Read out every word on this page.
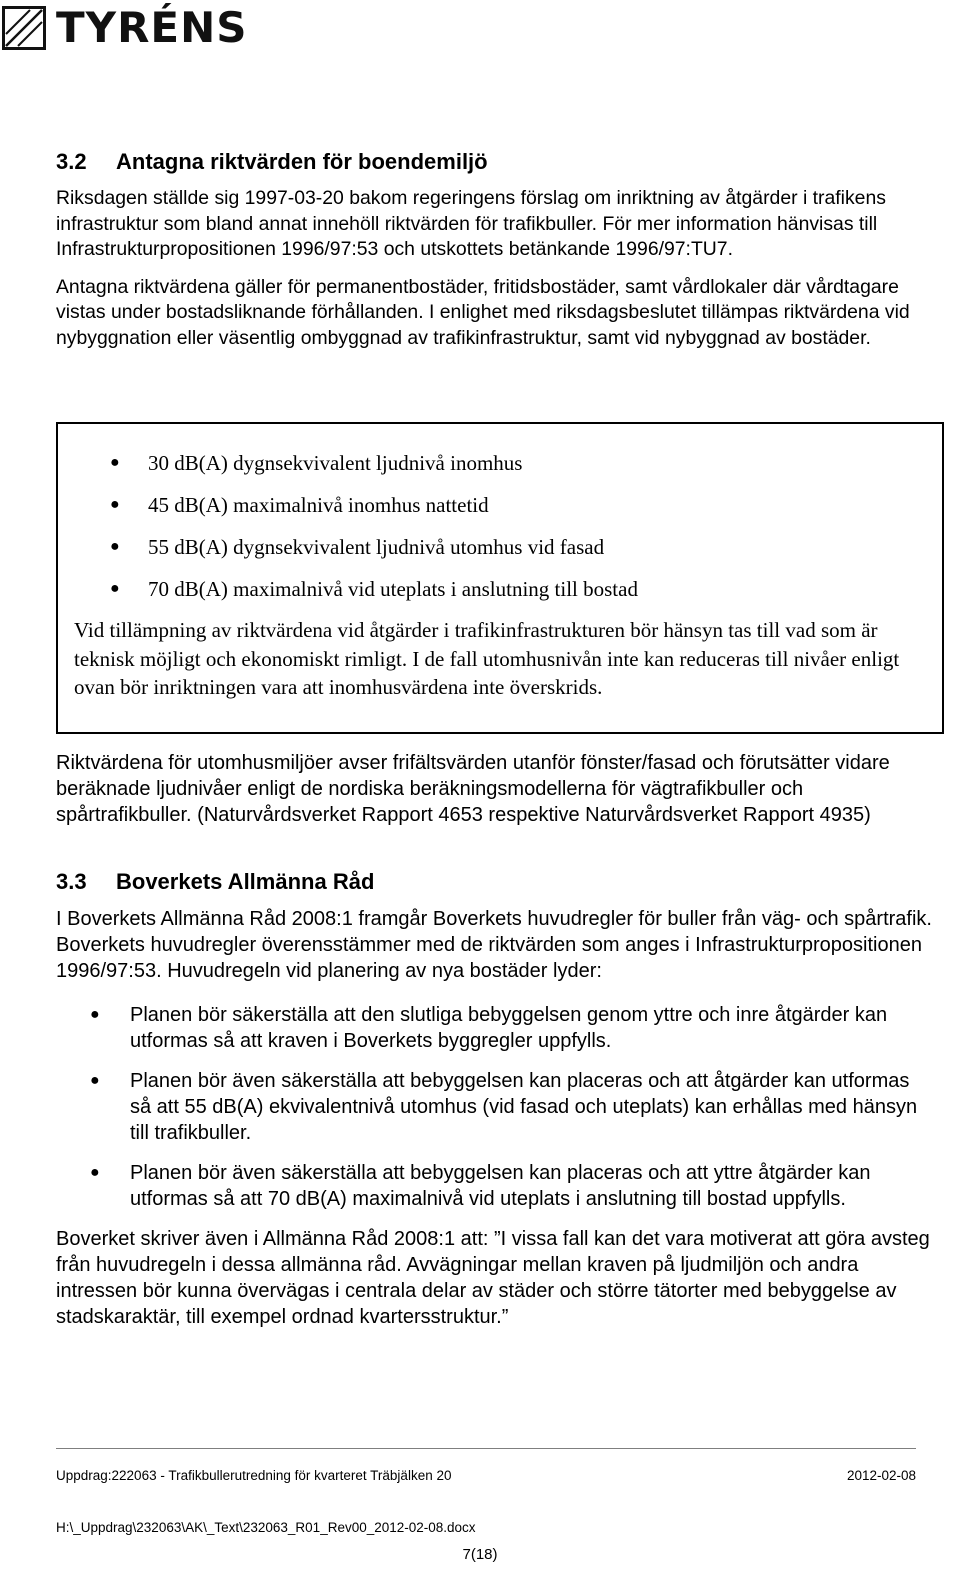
TYRÉNS
3.2 Antagna riktvärden för boendemiljö

Riksdagen ställde sig 1997-03-20 bakom regeringens förslag om inriktning av åtgärder i trafikens infrastruktur som bland annat innehöll riktvärden för trafikbuller. För mer information hänvisas till Infrastrukturpropositionen 1996/97:53 och utskottets betänkande 1996/97:TU7.

Antagna riktvärdena gäller för permanentbostäder, fritidsbostäder, samt vårdlokaler där vårdtagare vistas under bostadsliknande förhållanden. I enlighet med riksdagsbeslutet tillämpas riktvärdena vid nybyggnation eller väsentlig ombyggnad av trafikinfrastruktur, samt vid nybyggnad av bostäder.

● 30 dB(A) dygnsekvivalent ljudnivå inomhus
● 45 dB(A) maximalnivå inomhus nattetid
● 55 dB(A) dygnsekvivalent ljudnivå utomhus vid fasad
● 70 dB(A) maximalnivå vid uteplats i anslutning till bostad

Vid tillämpning av riktvärdena vid åtgärder i trafikinfrastrukturen bör hänsyn tas till vad som är teknisk möjligt och ekonomiskt rimligt. I de fall utomhusnivån inte kan reduceras till nivåer enligt ovan bör inriktningen vara att inomhusvärdena inte överskrids.

Riktvärdena för utomhusmiljöer avser frifältsvärden utanför fönster/fasad och förutsätter vidare beräknade ljudnivåer enligt de nordiska beräkningsmodellerna för vägtrafikbuller och spårtrafikbuller. (Naturvårdsverket Rapport 4653 respektive Naturvårdsverket Rapport 4935)

3.3 Boverkets Allmänna Råd

I Boverkets Allmänna Råd 2008:1 framgår Boverkets huvudregler för buller från väg- och spårtrafik. Boverkets huvudregler överensstämmer med de riktvärden som anges i Infrastrukturpropositionen 1996/97:53. Huvudregeln vid planering av nya bostäder lyder:

● Planen bör säkerställa att den slutliga bebyggelsen genom yttre och inre åtgärder kan utformas så att kraven i Boverkets byggregler uppfylls.
● Planen bör även säkerställa att bebyggelsen kan placeras och att åtgärder kan utformas så att 55 dB(A) ekvivalentnivå utomhus (vid fasad och uteplats) kan erhållas med hänsyn till trafikbuller.
● Planen bör även säkerställa att bebyggelsen kan placeras och att yttre åtgärder kan utformas så att 70 dB(A) maximalnivå vid uteplats i anslutning till bostad uppfylls.

Boverket skriver även i Allmänna Råd 2008:1 att: ”I vissa fall kan det vara motiverat att göra avsteg från huvudregeln i dessa allmänna råd. Avvägningar mellan kraven på ljudmiljön och andra intressen bör kunna övervägas i centrala delar av städer och större tätorter med bebyggelse av stadskaraktär, till exempel ordnad kvartersstruktur.”

Uppdrag:222063 - Trafikbullerutredning för kvarteret Träbjälken 20	2012-02-08
H:\_Uppdrag\232063\AK\_Text\232063_R01_Rev00_2012-02-08.docx
7(18)
